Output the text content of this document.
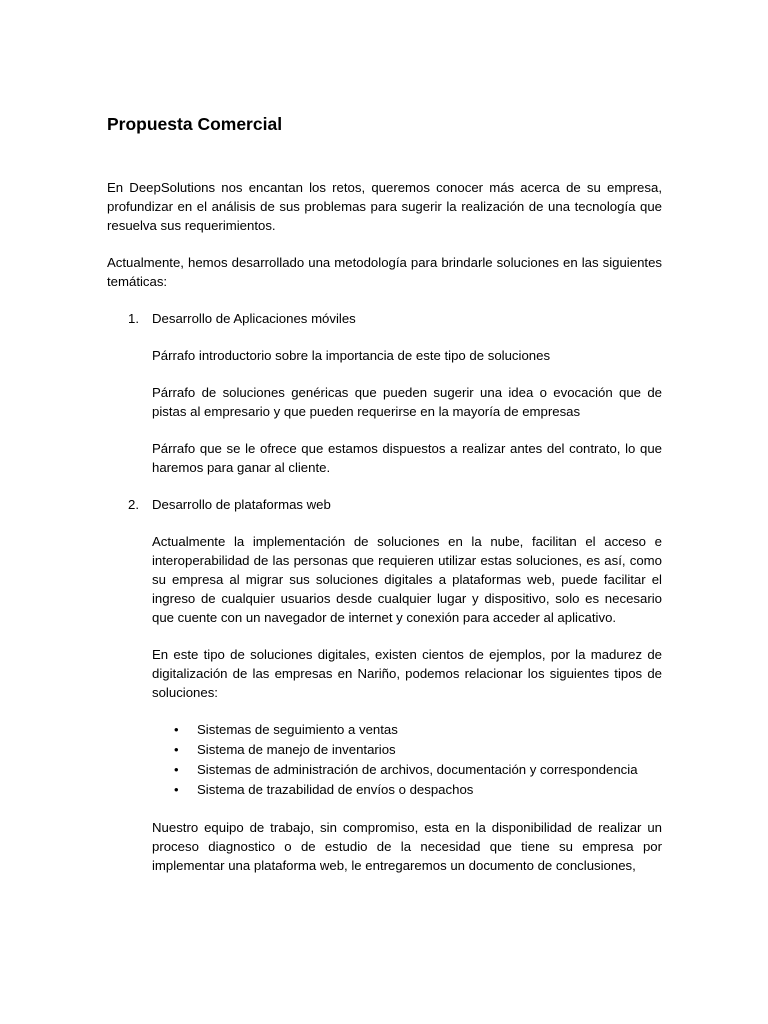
Propuesta Comercial
En DeepSolutions nos encantan los retos, queremos conocer más acerca de su empresa, profundizar en el análisis de sus problemas para sugerir la realización de una tecnología que resuelva sus requerimientos.
Actualmente, hemos desarrollado una metodología para brindarle soluciones en las siguientes temáticas:
1. Desarrollo de Aplicaciones móviles
Párrafo introductorio sobre la importancia de este tipo de soluciones
Párrafo de soluciones genéricas que pueden sugerir una idea o evocación que de pistas al empresario y que pueden requerirse en la mayoría de empresas
Párrafo que se le ofrece que estamos dispuestos a realizar antes del contrato, lo que haremos para ganar al cliente.
2. Desarrollo de plataformas web
Actualmente la implementación de soluciones en la nube, facilitan el acceso e interoperabilidad de las personas que requieren utilizar estas soluciones, es así, como su empresa al migrar sus soluciones digitales a plataformas web, puede facilitar el ingreso de cualquier usuarios desde cualquier lugar y dispositivo, solo es necesario que cuente con un navegador de internet y conexión para acceder al aplicativo.
En este tipo de soluciones digitales, existen cientos de ejemplos, por la madurez de digitalización de las empresas en Nariño, podemos relacionar los siguientes tipos de soluciones:
• Sistemas de seguimiento a ventas
• Sistema de manejo de inventarios
• Sistemas de administración de archivos, documentación y correspondencia
• Sistema de trazabilidad de envíos o despachos
Nuestro equipo de trabajo, sin compromiso, esta en la disponibilidad de realizar un proceso diagnostico o de estudio de la necesidad que tiene su empresa por implementar una plataforma web, le entregaremos un documento de conclusiones,
